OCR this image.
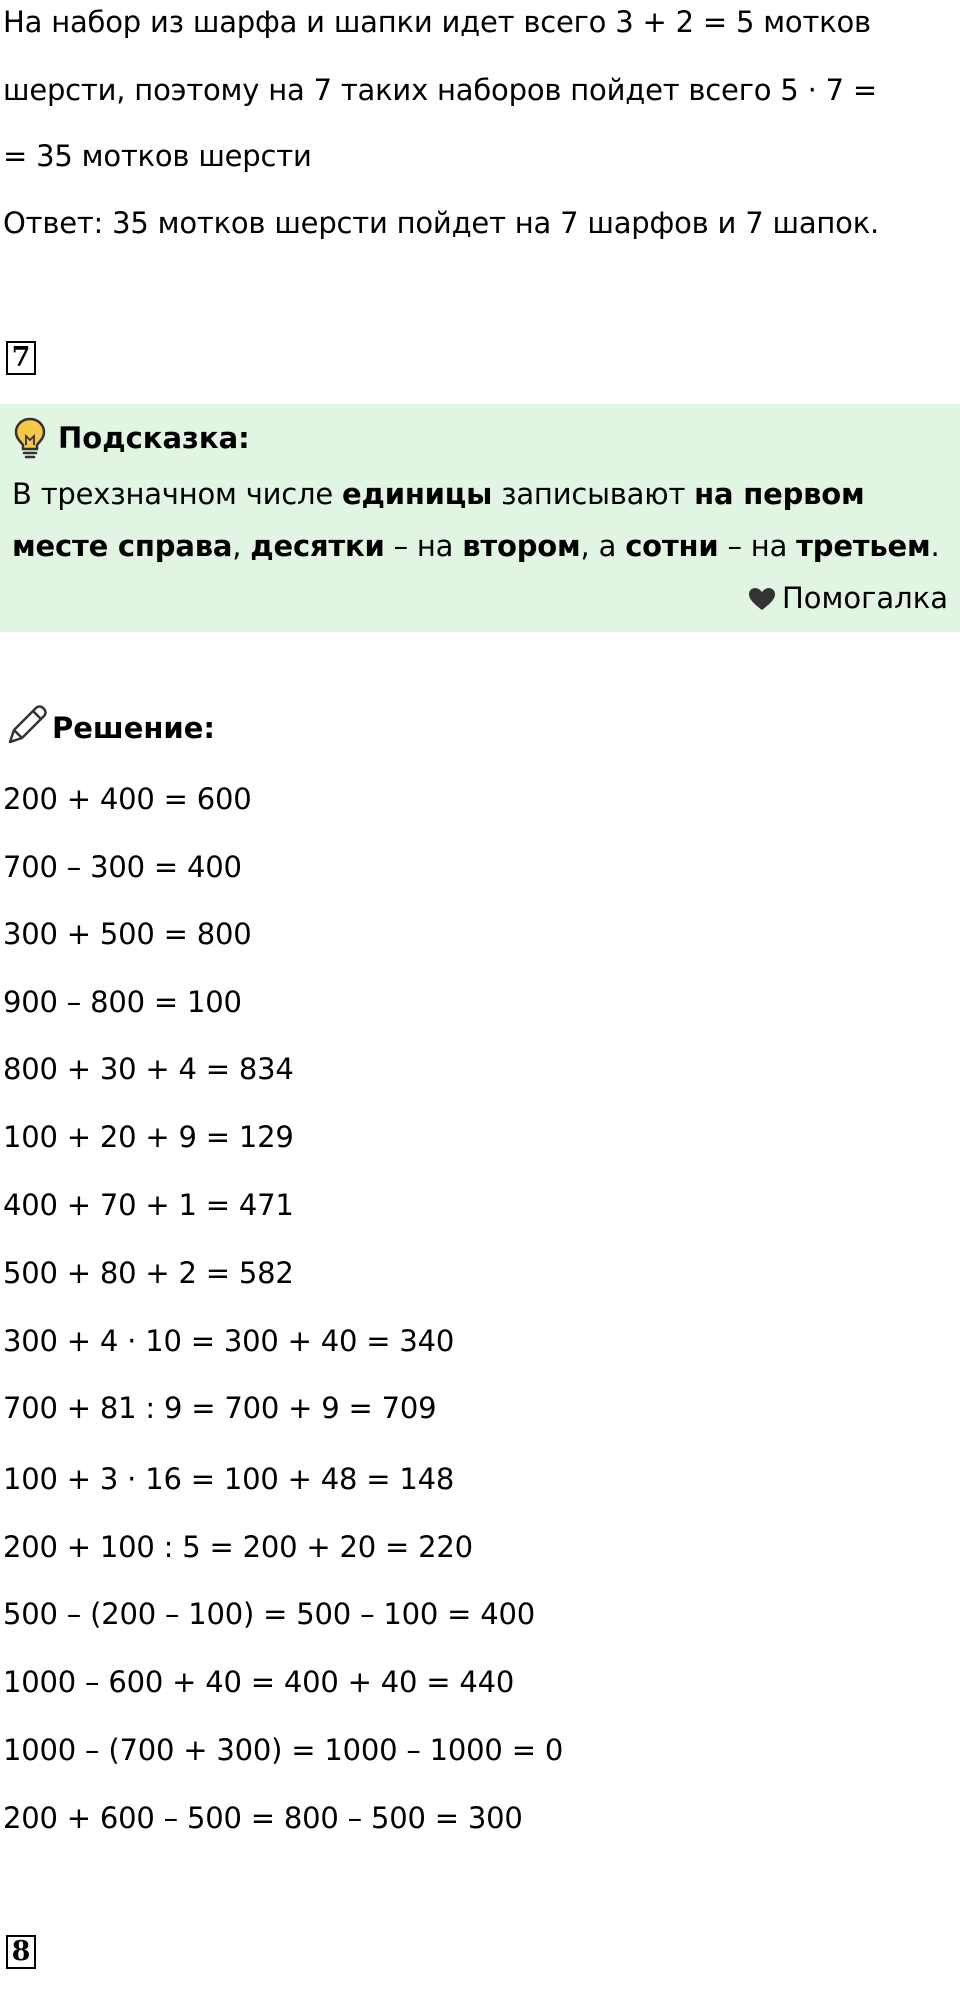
На набор из шарфа и шапки идет всего 3 + 2 = 5 мотков
шерсти, поэтому на 7 таких наборов пойдет всего 5 · 7 =
= 35 мотков шерсти
Ответ: 35 мотков шерсти пойдет на 7 шарфов и 7 шапок.
7
Подсказка:
В трехзначном числе единицы записывают на первом
месте справа, десятки – на втором, а сотни – на третьем.
Помогалка
Решение:
200 + 400 = 600
700 – 300 = 400
300 + 500 = 800
900 – 800 = 100
800 + 30 + 4 = 834
100 + 20 + 9 = 129
400 + 70 + 1 = 471
500 + 80 + 2 = 582
300 + 4 · 10 = 300 + 40 = 340
700 + 81 : 9 = 700 + 9 = 709
100 + 3 · 16 = 100 + 48 = 148
200 + 100 : 5 = 200 + 20 = 220
500 – (200 – 100) = 500 – 100 = 400
1000 – 600 + 40 = 400 + 40 = 440
1000 – (700 + 300) = 1000 – 1000 = 0
200 + 600 – 500 = 800 – 500 = 300
8
